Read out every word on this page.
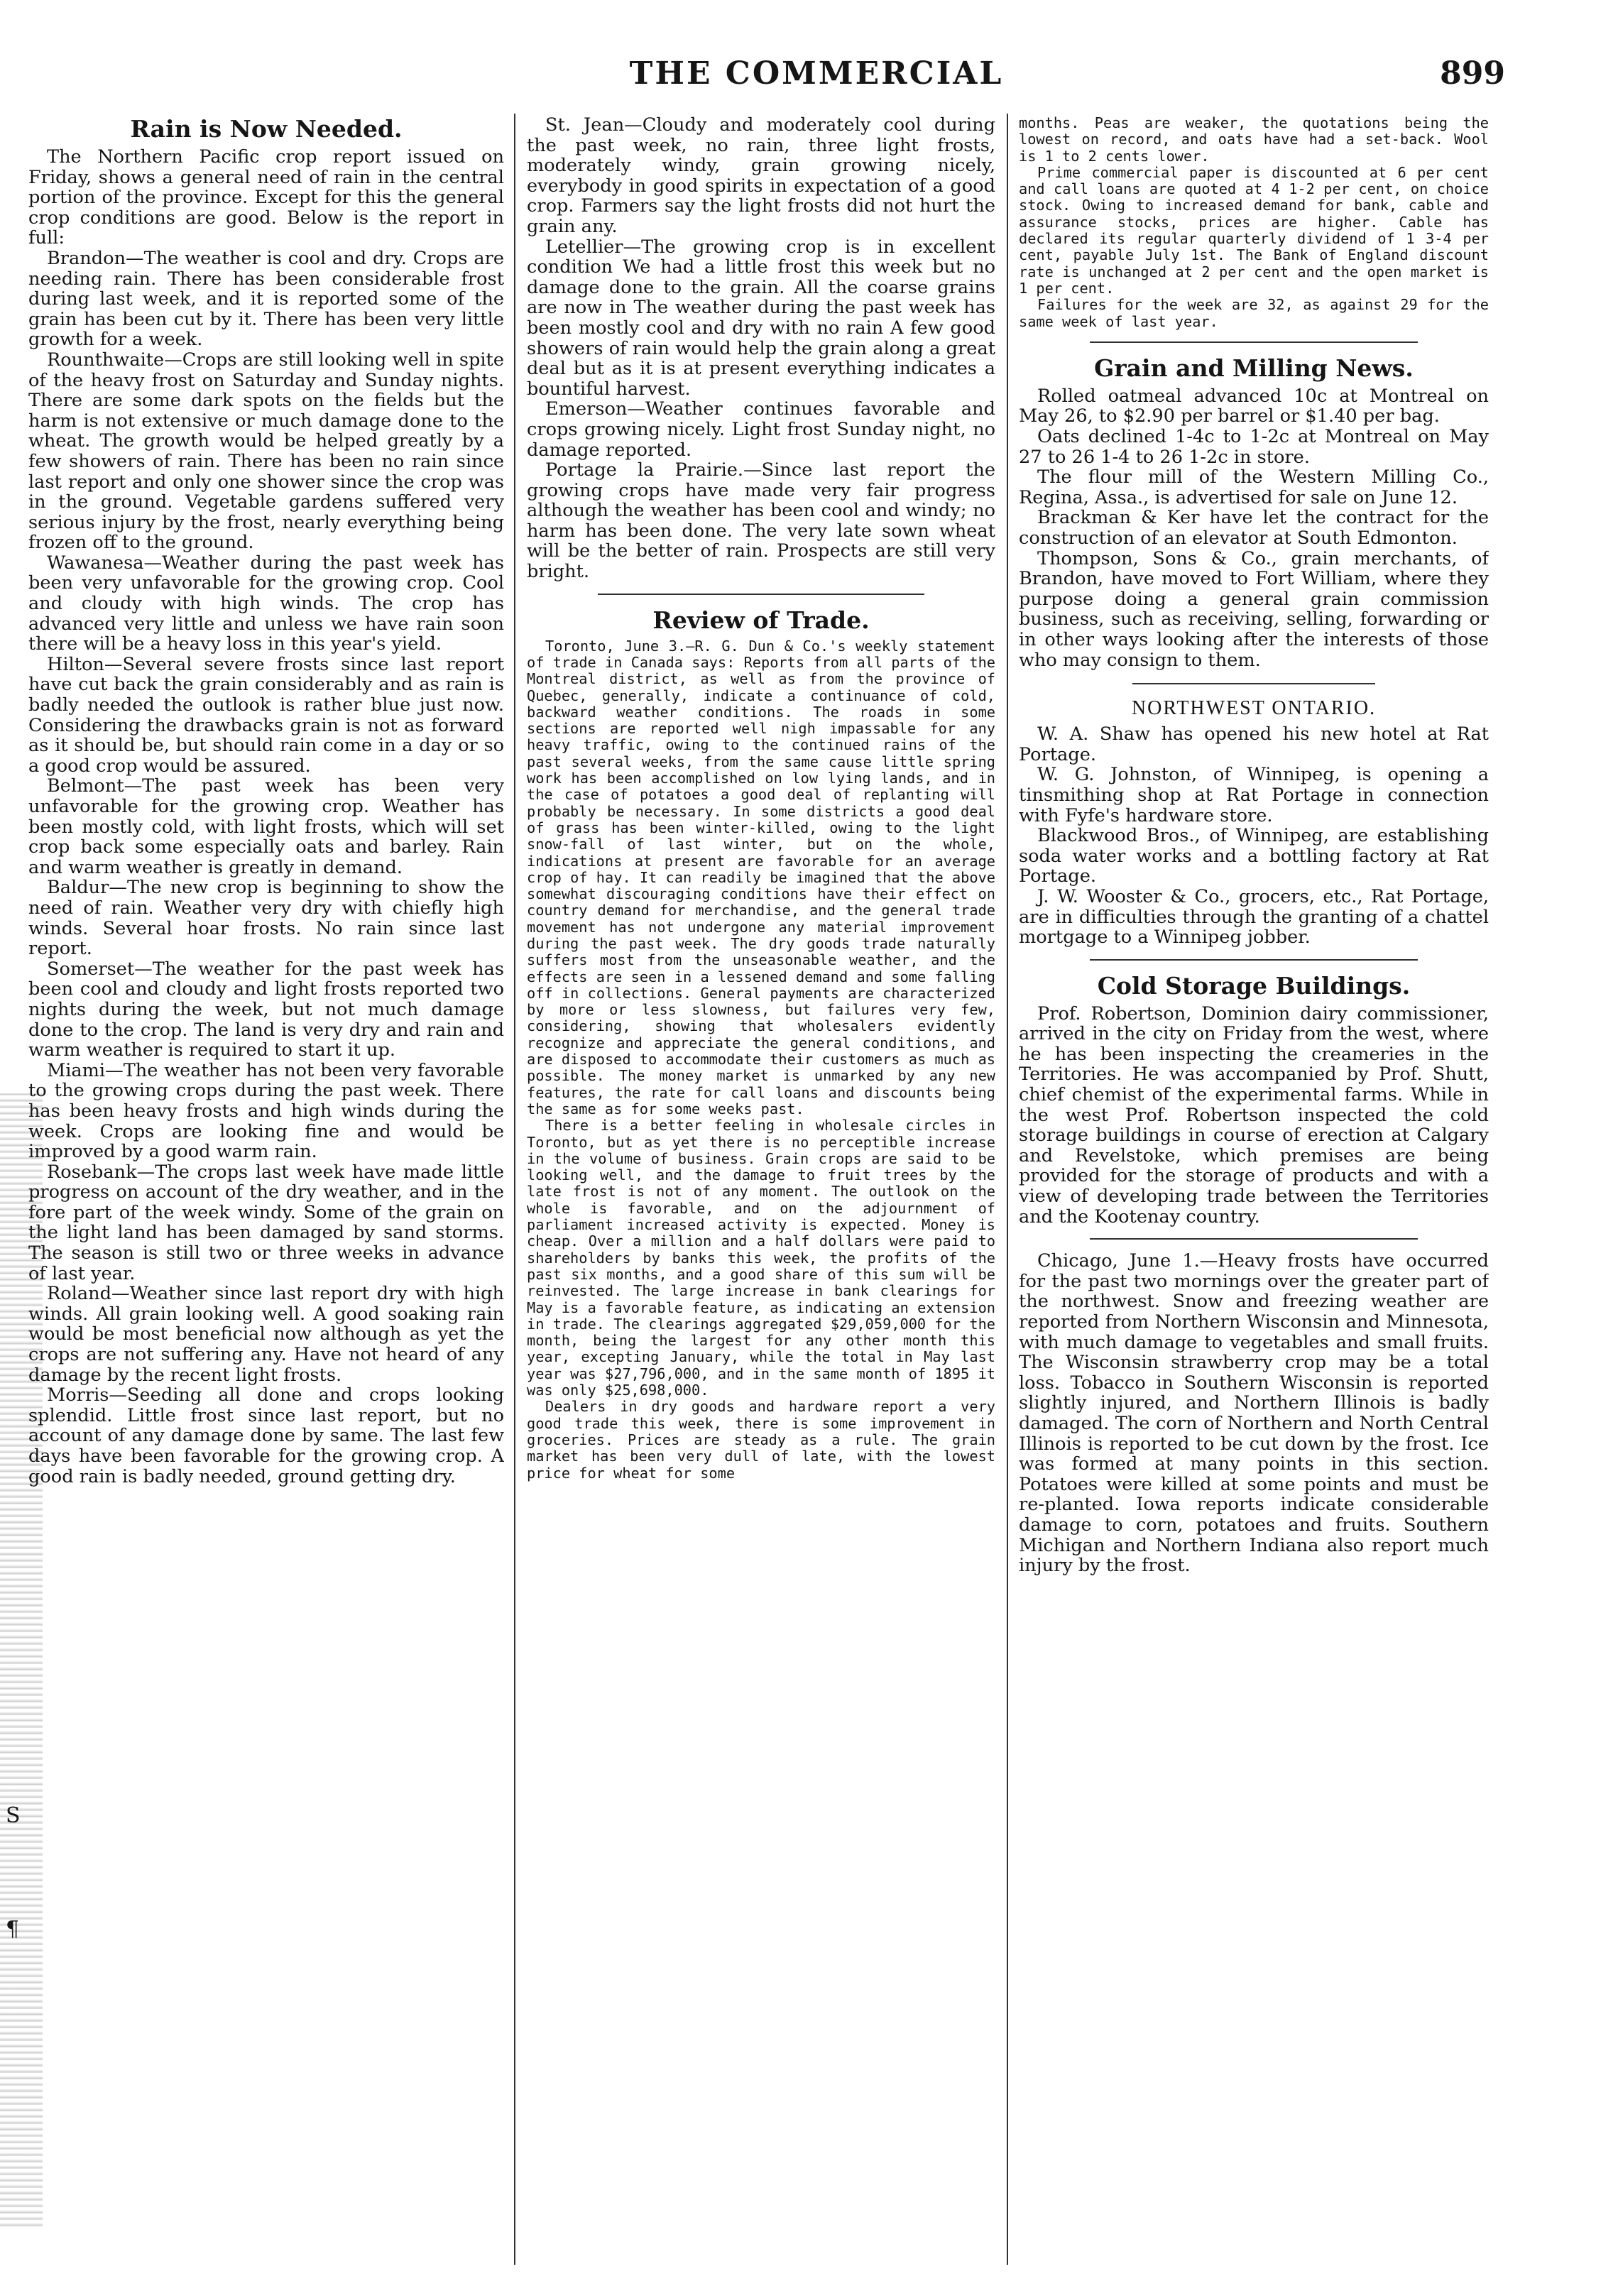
THE COMMERCIAL	899
S
¶
Rain is Now Needed.

The Northern Pacific crop report issued on Friday, shows a general need of rain in the central portion of the province. Except for this the general crop conditions are good. Below is the report in full:

Brandon—The weather is cool and dry. Crops are needing rain. There has been considerable frost during last week, and it is reported some of the grain has been cut by it. There has been very little growth for a week.

Rounthwaite—Crops are still looking well in spite of the heavy frost on Saturday and Sunday nights. There are some dark spots on the fields but the harm is not extensive or much damage done to the wheat. The growth would be helped greatly by a few showers of rain. There has been no rain since last report and only one shower since the crop was in the ground. Vegetable gardens suffered very serious injury by the frost, nearly everything being frozen off to the ground.

Wawanesa—Weather during the past week has been very unfavorable for the growing crop. Cool and cloudy with high winds. The crop has advanced very little and unless we have rain soon there will be a heavy loss in this year's yield.

Hilton—Several severe frosts since last report have cut back the grain considerably and as rain is badly needed the outlook is rather blue just now. Considering the drawbacks grain is not as forward as it should be, but should rain come in a day or so a good crop would be assured.

Belmont—The past week has been very unfavorable for the growing crop. Weather has been mostly cold, with light frosts, which will set crop back some especially oats and barley. Rain and warm weather is greatly in demand.

Baldur—The new crop is beginning to show the need of rain. Weather very dry with chiefly high winds. Several hoar frosts. No rain since last report.

Somerset—The weather for the past week has been cool and cloudy and light frosts reported two nights during the week, but not much damage done to the crop. The land is very dry and rain and warm weather is required to start it up.

Miami—The weather has not been very favorable to the growing crops during the past week. There has been heavy frosts and high winds during the week. Crops are looking fine and would be improved by a good warm rain.

Rosebank—The crops last week have made little progress on account of the dry weather, and in the fore part of the week windy. Some of the grain on the light land has been damaged by sand storms. The season is still two or three weeks in advance of last year.

Roland—Weather since last report dry with high winds. All grain looking well. A good soaking rain would be most beneficial now although as yet the crops are not suffering any. Have not heard of any damage by the recent light frosts.

Morris—Seeding all done and crops looking splendid. Little frost since last report, but no account of any damage done by same. The last few days have been favorable for the growing crop. A good rain is badly needed, ground getting dry.

St. Jean—Cloudy and moderately cool during the past week, no rain, three light frosts, moderately windy, grain growing nicely, everybody in good spirits in expectation of a good crop. Farmers say the light frosts did not hurt the grain any.

Letellier—The growing crop is in excellent condition We had a little frost this week but no damage done to the grain. All the coarse grains are now in The weather during the past week has been mostly cool and dry with no rain A few good showers of rain would help the grain along a great deal but as it is at present everything indicates a bountiful harvest.

Emerson—Weather continues favorable and crops growing nicely. Light frost Sunday night, no damage reported.

Portage la Prairie.—Since last report the growing crops have made very fair progress although the weather has been cool and windy; no harm has been done. The very late sown wheat will be the better of rain. Prospects are still very bright.

Review of Trade.

Toronto, June 3.—R. G. Dun & Co.'s weekly statement of trade in Canada says: Reports from all parts of the Montreal district, as well as from the province of Quebec, generally, indicate a continuance of cold, backward weather conditions. The roads in some sections are reported well nigh impassable for any heavy traffic, owing to the continued rains of the past several weeks, from the same cause little spring work has been accomplished on low lying lands, and in the case of potatoes a good deal of replanting will probably be necessary. In some districts a good deal of grass has been winter-killed, owing to the light snow-fall of last winter, but on the whole, indications at present are favorable for an average crop of hay. It can readily be imagined that the above somewhat discouraging conditions have their effect on country demand for merchandise, and the general trade movement has not undergone any material improvement during the past week. The dry goods trade naturally suffers most from the unseasonable weather, and the effects are seen in a lessened demand and some falling off in collections. General payments are characterized by more or less slowness, but failures very few, considering, showing that wholesalers evidently recognize and appreciate the general conditions, and are disposed to accommodate their customers as much as possible. The money market is unmarked by any new features, the rate for call loans and discounts being the same as for some weeks past.

There is a better feeling in wholesale circles in Toronto, but as yet there is no perceptible increase in the volume of business. Grain crops are said to be looking well, and the damage to fruit trees by the late frost is not of any moment. The outlook on the whole is favorable, and on the adjournment of parliament increased activity is expected. Money is cheap. Over a million and a half dollars were paid to shareholders by banks this week, the profits of the past six months, and a good share of this sum will be reinvested. The large increase in bank clearings for May is a favorable feature, as indicating an extension in trade. The clearings aggregated $29,059,000 for the month, being the largest for any other month this year, excepting January, while the total in May last year was $27,796,000, and in the same month of 1895 it was only $25,698,000.

Dealers in dry goods and hardware report a very good trade this week, there is some improvement in groceries. Prices are steady as a rule. The grain market has been very dull of late, with the lowest price for wheat for some

months. Peas are weaker, the quotations being the lowest on record, and oats have had a set-back. Wool is 1 to 2 cents lower.

Prime commercial paper is discounted at 6 per cent and call loans are quoted at 4 1-2 per cent, on choice stock. Owing to increased demand for bank, cable and assurance stocks, prices are higher. Cable has declared its regular quarterly dividend of 1 3-4 per cent, payable July 1st. The Bank of England discount rate is unchanged at 2 per cent and the open market is 1 per cent.

Failures for the week are 32, as against 29 for the same week of last year.

Grain and Milling News.

Rolled oatmeal advanced 10c at Montreal on May 26, to $2.90 per barrel or $1.40 per bag.

Oats declined 1-4c to 1-2c at Montreal on May 27 to 26 1-4 to 26 1-2c in store.

The flour mill of the Western Milling Co., Regina, Assa., is advertised for sale on June 12.

Brackman & Ker have let the contract for the construction of an elevator at South Edmonton.

Thompson, Sons & Co., grain merchants, of Brandon, have moved to Fort William, where they purpose doing a general grain commission business, such as receiving, selling, forwarding or in other ways looking after the interests of those who may consign to them.

NORTHWEST ONTARIO.

W. A. Shaw has opened his new hotel at Rat Portage.

W. G. Johnston, of Winnipeg, is opening a tinsmithing shop at Rat Portage in connection with Fyfe's hardware store.

Blackwood Bros., of Winnipeg, are establishing soda water works and a bottling factory at Rat Portage.

J. W. Wooster & Co., grocers, etc., Rat Portage, are in difficulties through the granting of a chattel mortgage to a Winnipeg jobber.

Cold Storage Buildings.

Prof. Robertson, Dominion dairy commissioner, arrived in the city on Friday from the west, where he has been inspecting the creameries in the Territories. He was accompanied by Prof. Shutt, chief chemist of the experimental farms. While in the west Prof. Robertson inspected the cold storage buildings in course of erection at Calgary and Revelstoke, which premises are being provided for the storage of products and with a view of developing trade between the Territories and the Kootenay country.

Chicago, June 1.—Heavy frosts have occurred for the past two mornings over the greater part of the northwest. Snow and freezing weather are reported from Northern Wisconsin and Minnesota, with much damage to vegetables and small fruits. The Wisconsin strawberry crop may be a total loss. Tobacco in Southern Wisconsin is reported slightly injured, and Northern Illinois is badly damaged. The corn of Northern and North Central Illinois is reported to be cut down by the frost. Ice was formed at many points in this section. Potatoes were killed at some points and must be re-planted. Iowa reports indicate considerable damage to corn, potatoes and fruits. Southern Michigan and Northern Indiana also report much injury by the frost.
